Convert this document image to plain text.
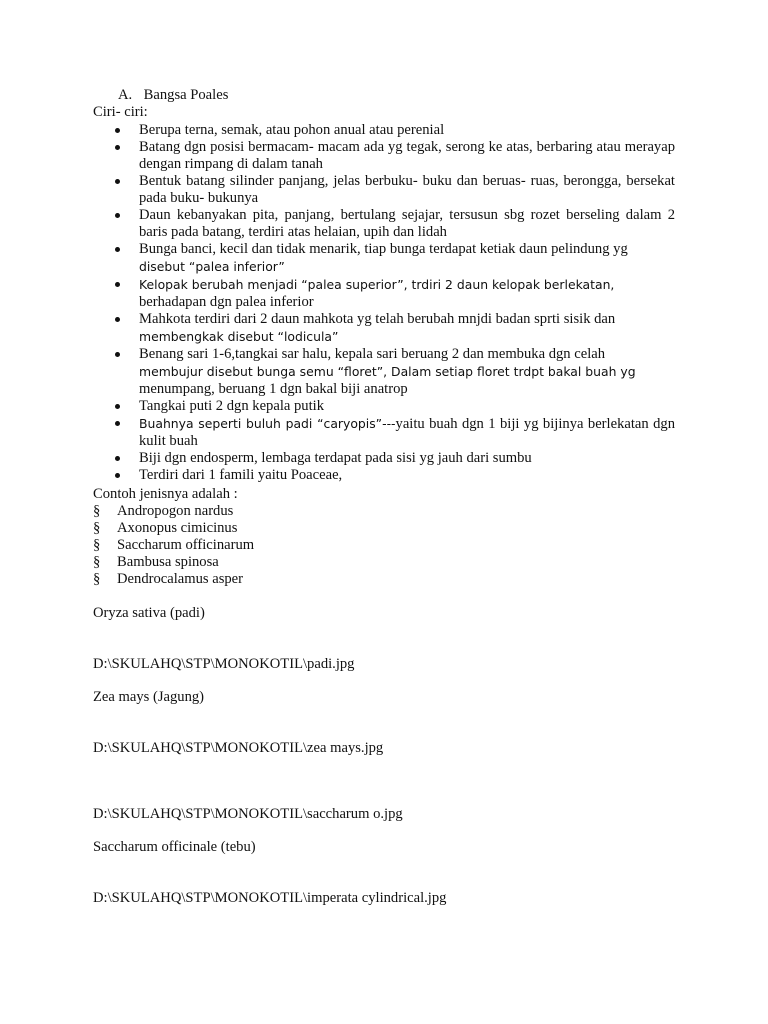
A. Bangsa Poales
Ciri- ciri:
Berupa terna, semak, atau pohon anual atau perenial
Batang dgn posisi bermacam- macam ada yg tegak, serong ke atas, berbaring atau merayap dengan rimpang di dalam tanah
Bentuk batang silinder panjang, jelas berbuku- buku dan beruas- ruas, berongga, bersekat pada buku- bukunya
Daun kebanyakan pita, panjang, bertulang sejajar, tersusun sbg rozet berseling dalam 2 baris pada batang, terdiri atas helaian, upih dan lidah
Bunga banci, kecil dan tidak menarik, tiap bunga terdapat ketiak daun pelindung yg
disebut “palea inferior”
Kelopak berubah menjadi “palea superior”, trdiri 2 daun kelopak berlekatan,
berhadapan dgn palea inferior
Mahkota terdiri dari 2 daun mahkota yg telah berubah mnjdi badan sprti sisik dan
membengkak disebut “lodicula”
Benang sari 1-6,tangkai sar halu, kepala sari beruang 2 dan membuka dgn celah
membujur disebut bunga semu “floret”, Dalam setiap floret trdpt bakal buah yg
menumpang, beruang 1 dgn bakal biji anatrop
Tangkai puti 2 dgn kepala putik
Buahnya seperti buluh padi “caryopis”---yaitu buah dgn 1 biji yg bijinya berlekatan dgn kulit buah
Biji dgn endosperm, lembaga terdapat pada sisi yg jauh dari sumbu
Terdiri dari 1 famili yaitu Poaceae,
Contoh jenisnya adalah :
§ Andropogon nardus
§ Axonopus cimicinus
§ Saccharum officinarum
§ Bambusa spinosa
§ Dendrocalamus asper
Oryza sativa (padi)
D:\SKULAHQ\STP\MONOKOTIL\padi.jpg
Zea mays (Jagung)
D:\SKULAHQ\STP\MONOKOTIL\zea mays.jpg
D:\SKULAHQ\STP\MONOKOTIL\saccharum o.jpg
Saccharum officinale (tebu)
D:\SKULAHQ\STP\MONOKOTIL\imperata cylindrical.jpg
